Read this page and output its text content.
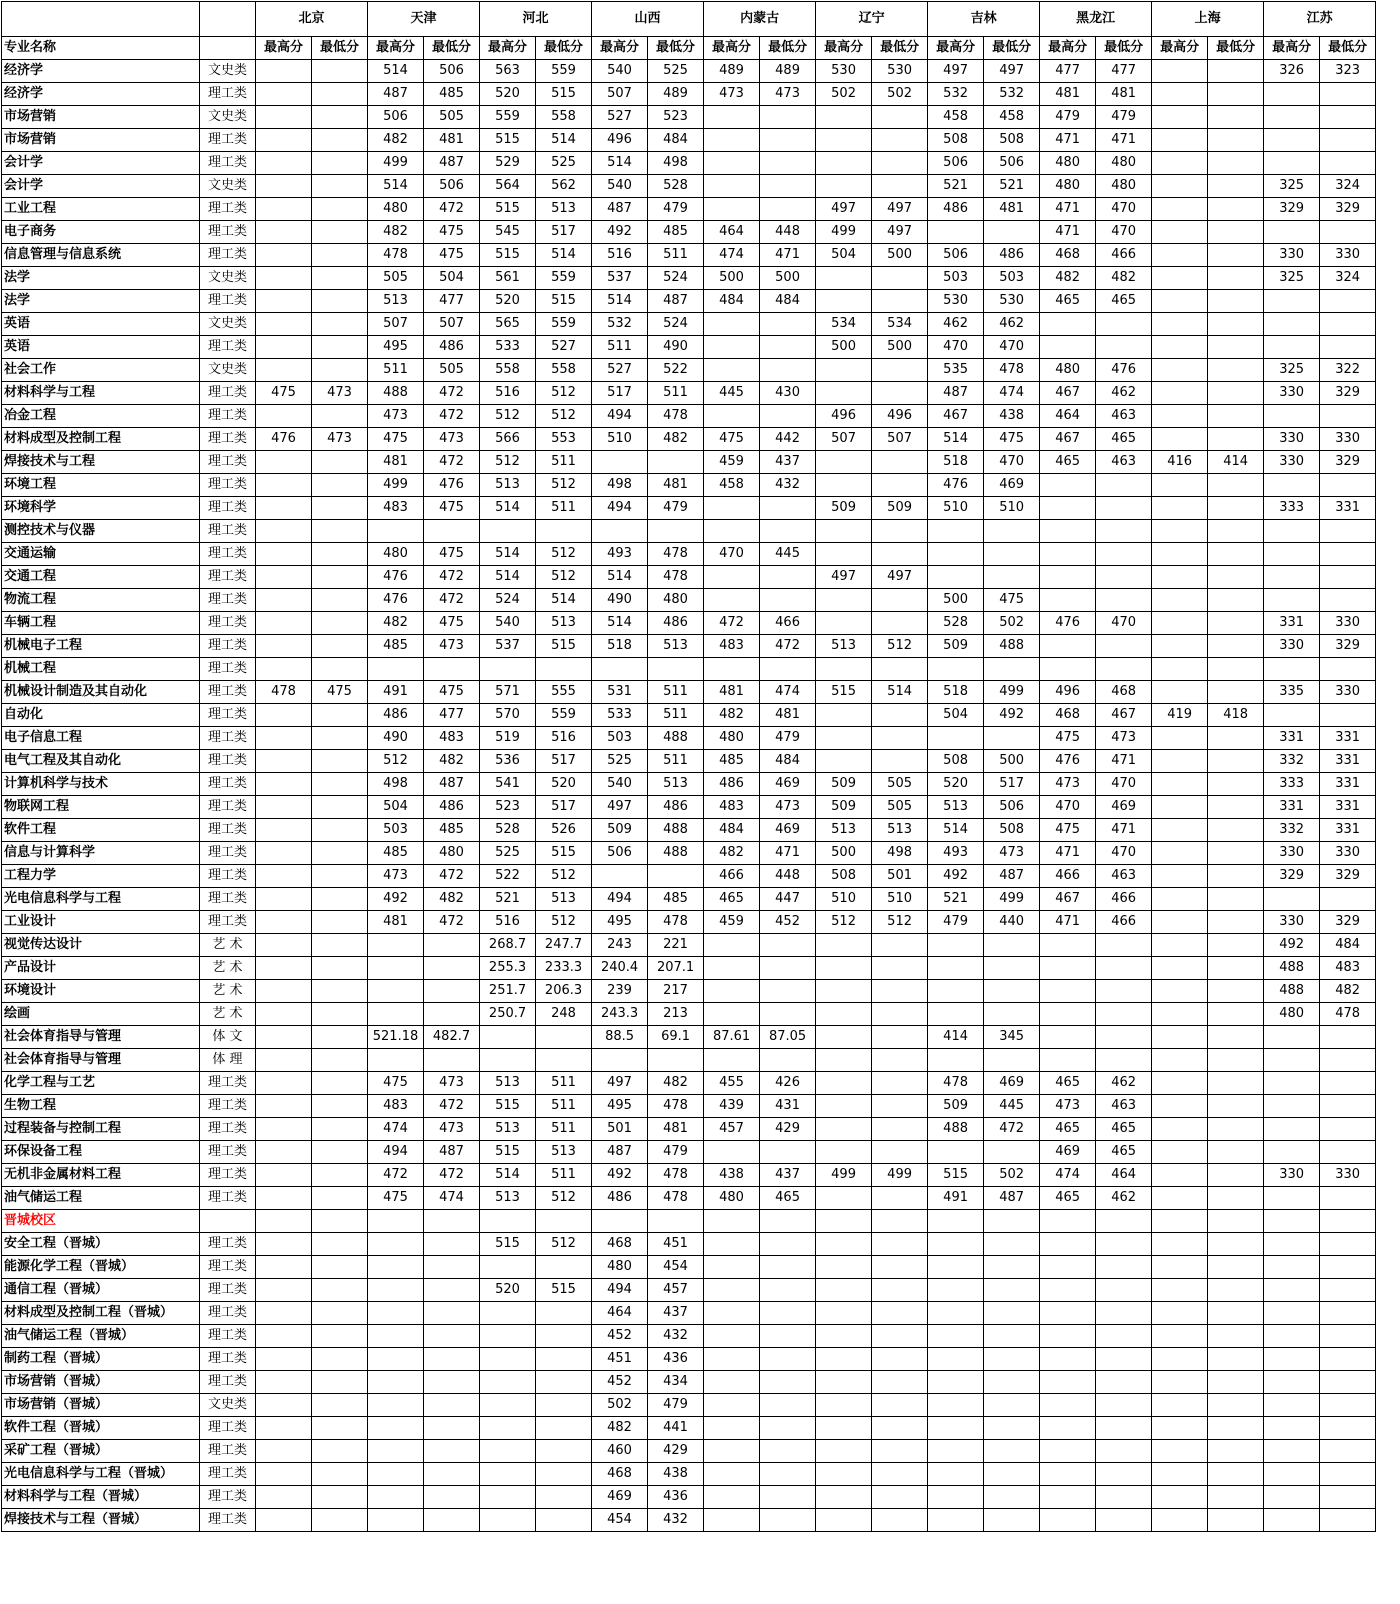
		北京		天津		河北		山西		内蒙古		辽宁		吉林		黑龙江		上海		江苏	
专业名称		最高分	最低分	最高分	最低分	最高分	最低分	最高分	最低分	最高分	最低分	最高分	最低分	最高分	最低分	最高分	最低分	最高分	最低分	最高分	最低分
经济学	文史类			514	506	563	559	540	525	489	489	530	530	497	497	477	477			326	323
经济学	理工类			487	485	520	515	507	489	473	473	502	502	532	532	481	481				
市场营销	文史类			506	505	559	558	527	523					458	458	479	479				
市场营销	理工类			482	481	515	514	496	484					508	508	471	471				
会计学	理工类			499	487	529	525	514	498					506	506	480	480				
会计学	文史类			514	506	564	562	540	528					521	521	480	480			325	324
工业工程	理工类			480	472	515	513	487	479			497	497	486	481	471	470			329	329
电子商务	理工类			482	475	545	517	492	485	464	448	499	497			471	470				
信息管理与信息系统	理工类			478	475	515	514	516	511	474	471	504	500	506	486	468	466			330	330
法学	文史类			505	504	561	559	537	524	500	500			503	503	482	482			325	324
法学	理工类			513	477	520	515	514	487	484	484			530	530	465	465				
英语	文史类			507	507	565	559	532	524			534	534	462	462						
英语	理工类			495	486	533	527	511	490			500	500	470	470						
社会工作	文史类			511	505	558	558	527	522					535	478	480	476			325	322
材料科学与工程	理工类	475	473	488	472	516	512	517	511	445	430			487	474	467	462			330	329
冶金工程	理工类			473	472	512	512	494	478			496	496	467	438	464	463				
材料成型及控制工程	理工类	476	473	475	473	566	553	510	482	475	442	507	507	514	475	467	465			330	330
焊接技术与工程	理工类			481	472	512	511			459	437			518	470	465	463	416	414	330	329
环境工程	理工类			499	476	513	512	498	481	458	432			476	469						
环境科学	理工类			483	475	514	511	494	479			509	509	510	510					333	331
测控技术与仪器	理工类																				
交通运输	理工类			480	475	514	512	493	478	470	445										
交通工程	理工类			476	472	514	512	514	478			497	497								
物流工程	理工类			476	472	524	514	490	480					500	475						
车辆工程	理工类			482	475	540	513	514	486	472	466			528	502	476	470			331	330
机械电子工程	理工类			485	473	537	515	518	513	483	472	513	512	509	488					330	329
机械工程	理工类																				
机械设计制造及其自动化	理工类	478	475	491	475	571	555	531	511	481	474	515	514	518	499	496	468			335	330
自动化	理工类			486	477	570	559	533	511	482	481			504	492	468	467	419	418		
电子信息工程	理工类			490	483	519	516	503	488	480	479					475	473			331	331
电气工程及其自动化	理工类			512	482	536	517	525	511	485	484			508	500	476	471			332	331
计算机科学与技术	理工类			498	487	541	520	540	513	486	469	509	505	520	517	473	470			333	331
物联网工程	理工类			504	486	523	517	497	486	483	473	509	505	513	506	470	469			331	331
软件工程	理工类			503	485	528	526	509	488	484	469	513	513	514	508	475	471			332	331
信息与计算科学	理工类			485	480	525	515	506	488	482	471	500	498	493	473	471	470			330	330
工程力学	理工类			473	472	522	512			466	448	508	501	492	487	466	463			329	329
光电信息科学与工程	理工类			492	482	521	513	494	485	465	447	510	510	521	499	467	466				
工业设计	理工类			481	472	516	512	495	478	459	452	512	512	479	440	471	466			330	329
视觉传达设计	艺 术					268.7	247.7	243	221											492	484
产品设计	艺 术					255.3	233.3	240.4	207.1											488	483
环境设计	艺 术					251.7	206.3	239	217											488	482
绘画	艺 术					250.7	248	243.3	213											480	478
社会体育指导与管理	体 文			521.18	482.7			88.5	69.1	87.61	87.05			414	345						
社会体育指导与管理	体 理																				
化学工程与工艺	理工类			475	473	513	511	497	482	455	426			478	469	465	462				
生物工程	理工类			483	472	515	511	495	478	439	431			509	445	473	463				
过程装备与控制工程	理工类			474	473	513	511	501	481	457	429			488	472	465	465				
环保设备工程	理工类			494	487	515	513	487	479							469	465				
无机非金属材料工程	理工类			472	472	514	511	492	478	438	437	499	499	515	502	474	464			330	330
油气储运工程	理工类			475	474	513	512	486	478	480	465			491	487	465	462				
晋城校区																					
安全工程（晋城）	理工类					515	512	468	451												
能源化学工程（晋城）	理工类							480	454												
通信工程（晋城）	理工类					520	515	494	457												
材料成型及控制工程（晋城）	理工类							464	437												
油气储运工程（晋城）	理工类							452	432												
制药工程（晋城）	理工类							451	436												
市场营销（晋城）	理工类							452	434												
市场营销（晋城）	文史类							502	479												
软件工程（晋城）	理工类							482	441												
采矿工程（晋城）	理工类							460	429												
光电信息科学与工程（晋城）	理工类							468	438												
材料科学与工程（晋城）	理工类							469	436												
焊接技术与工程（晋城）	理工类							454	432												
